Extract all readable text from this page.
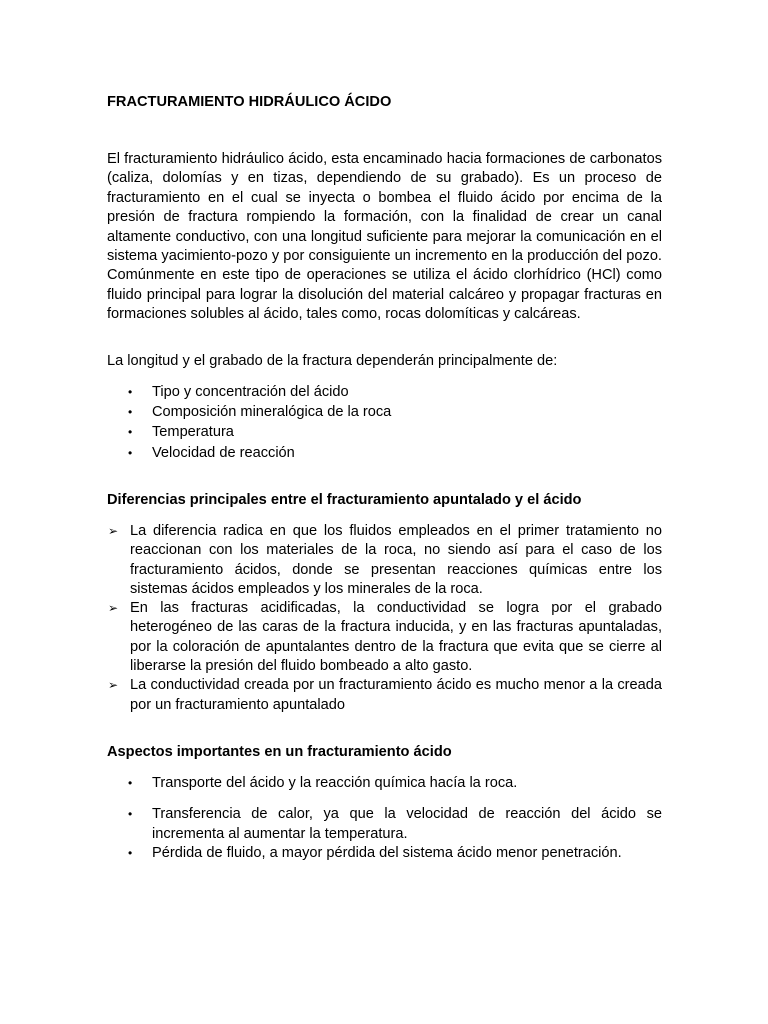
FRACTURAMIENTO HIDRÁULICO ÁCIDO

El fracturamiento hidráulico ácido, esta encaminado hacia formaciones de carbonatos (caliza, dolomías y en tizas, dependiendo de su grabado). Es un proceso de fracturamiento en el cual se inyecta o bombea el fluido ácido por encima de la presión de fractura rompiendo la formación, con la finalidad de crear un canal altamente conductivo, con una longitud suficiente para mejorar la comunicación en el sistema yacimiento-pozo y por consiguiente un incremento en la producción del pozo. Comúnmente en este tipo de operaciones se utiliza el ácido clorhídrico (HCl) como fluido principal para lograr la disolución del material calcáreo y propagar fracturas en formaciones solubles al ácido, tales como, rocas dolomíticas y calcáreas.

La longitud y el grabado de la fractura dependerán principalmente de:

• Tipo y concentración del ácido
• Composición mineralógica de la roca
• Temperatura
• Velocidad de reacción
Diferencias principales entre el fracturamiento apuntalado y el ácido
➢ La diferencia radica en que los fluidos empleados en el primer tratamiento no reaccionan con los materiales de la roca, no siendo así para el caso de los fracturamiento ácidos, donde se presentan reacciones químicas entre los sistemas ácidos empleados y los minerales de la roca.
➢ En las fracturas acidificadas, la conductividad se logra por el grabado heterogéneo de las caras de la fractura inducida, y en las fracturas apuntaladas, por la coloración de apuntalantes dentro de la fractura que evita que se cierre al liberarse la presión del fluido bombeado a alto gasto.
➢ La conductividad creada por un fracturamiento ácido es mucho menor a la creada por un fracturamiento apuntalado
Aspectos importantes en un fracturamiento ácido
• Transporte del ácido y la reacción química hacía la roca.
• Transferencia de calor, ya que la velocidad de reacción del ácido se incrementa al aumentar la temperatura.
• Pérdida de fluido, a mayor pérdida del sistema ácido menor penetración.
